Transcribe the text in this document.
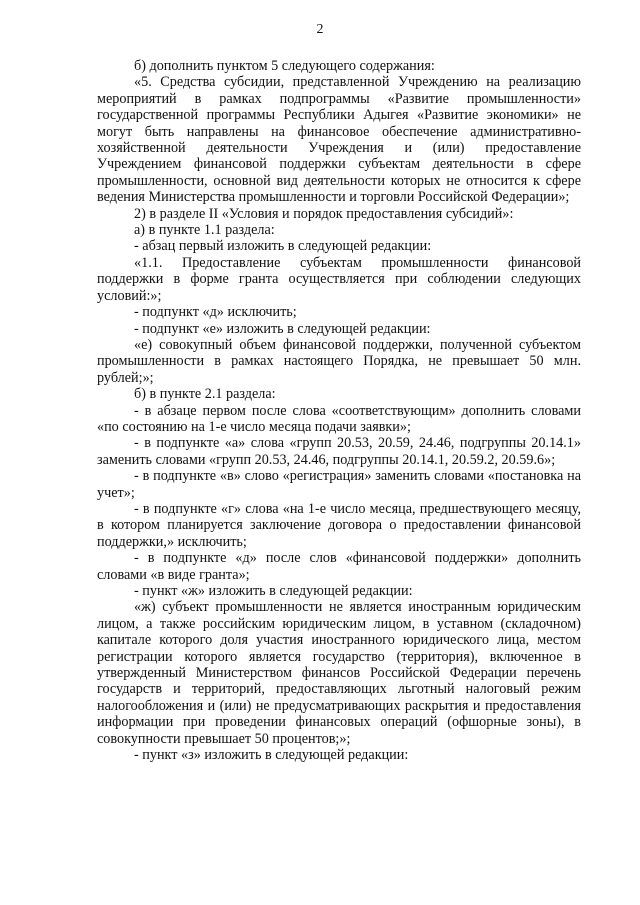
2

б) дополнить пунктом 5 следующего содержания:

«5. Средства субсидии, представленной Учреждению на реализацию мероприятий в рамках подпрограммы «Развитие промышленности» государственной программы Республики Адыгея «Развитие экономики» не могут быть направлены на финансовое обеспечение административно-хозяйственной деятельности Учреждения и (или) предоставление Учреждением финансовой поддержки субъектам деятельности в сфере промышленности, основной вид деятельности которых не относится к сфере ведения Министерства промышленности и торговли Российской Федерации»;

2) в разделе II «Условия и порядок предоставления субсидий»:

а) в пункте 1.1 раздела:

- абзац первый изложить в следующей редакции:

«1.1. Предоставление субъектам промышленности финансовой поддержки в форме гранта осуществляется при соблюдении следующих условий:»;

- подпункт «д» исключить;

- подпункт «е» изложить в следующей редакции:

«е) совокупный объем финансовой поддержки, полученной субъектом промышленности в рамках настоящего Порядка, не превышает 50 млн. рублей;»;

б) в пункте 2.1 раздела:

- в абзаце первом после слова «соответствующим» дополнить словами «по состоянию на 1-е число месяца подачи заявки»;

- в подпункте «а» слова «групп 20.53, 20.59, 24.46, подгруппы 20.14.1» заменить словами «групп 20.53, 24.46, подгруппы 20.14.1, 20.59.2, 20.59.6»;

- в подпункте «в» слово «регистрация» заменить словами «постановка на учет»;

- в подпункте «г» слова «на 1-е число месяца, предшествующего месяцу, в котором планируется заключение договора о предоставлении финансовой поддержки,» исключить;

- в подпункте «д» после слов «финансовой поддержки» дополнить словами «в виде гранта»;

- пункт «ж» изложить в следующей редакции:

«ж) субъект промышленности не является иностранным юридическим лицом, а также российским юридическим лицом, в уставном (складочном) капитале которого доля участия иностранного юридического лица, местом регистрации которого является государство (территория), включенное в утвержденный Министерством финансов Российской Федерации перечень государств и территорий, предоставляющих льготный налоговый режим налогообложения и (или) не предусматривающих раскрытия и предоставления информации при проведении финансовых операций (офшорные зоны), в совокупности превышает 50 процентов;»;

- пункт «з» изложить в следующей редакции:
